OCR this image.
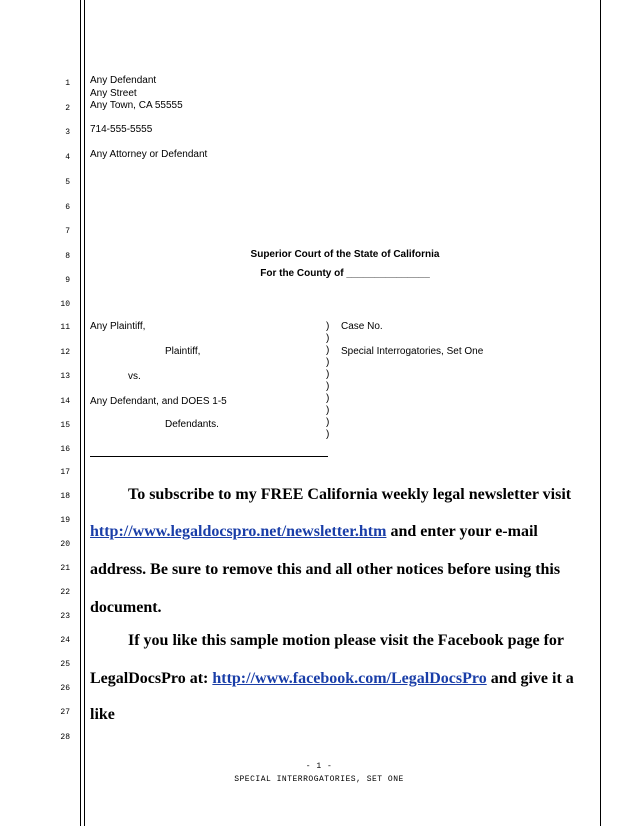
1
2
3
4
5
6
7
8
9
10
11
12
13
14
15
16
17
18
19
20
21
22
23
24
25
26
27
28
Any Defendant
Any Street
Any Town, CA 55555
714-555-5555
Any Attorney or Defendant
Superior Court of the State of California
For the County of _______________
Any Plaintiff,
Plaintiff,
vs.
Any Defendant, and DOES 1-5
Defendants.
)
)
)
)
)
)
)
)
)
)
Case No.
Special Interrogatories, Set One
To subscribe to my FREE California weekly legal newsletter visit
http://www.legaldocspro.net/newsletter.htm and enter your e-mail
address. Be sure to remove this and all other notices before using this
document.
If you like this sample motion please visit the Facebook page for
LegalDocsPro at: http://www.facebook.com/LegalDocsPro and give it a
like
- 1 -
SPECIAL INTERROGATORIES, SET ONE
